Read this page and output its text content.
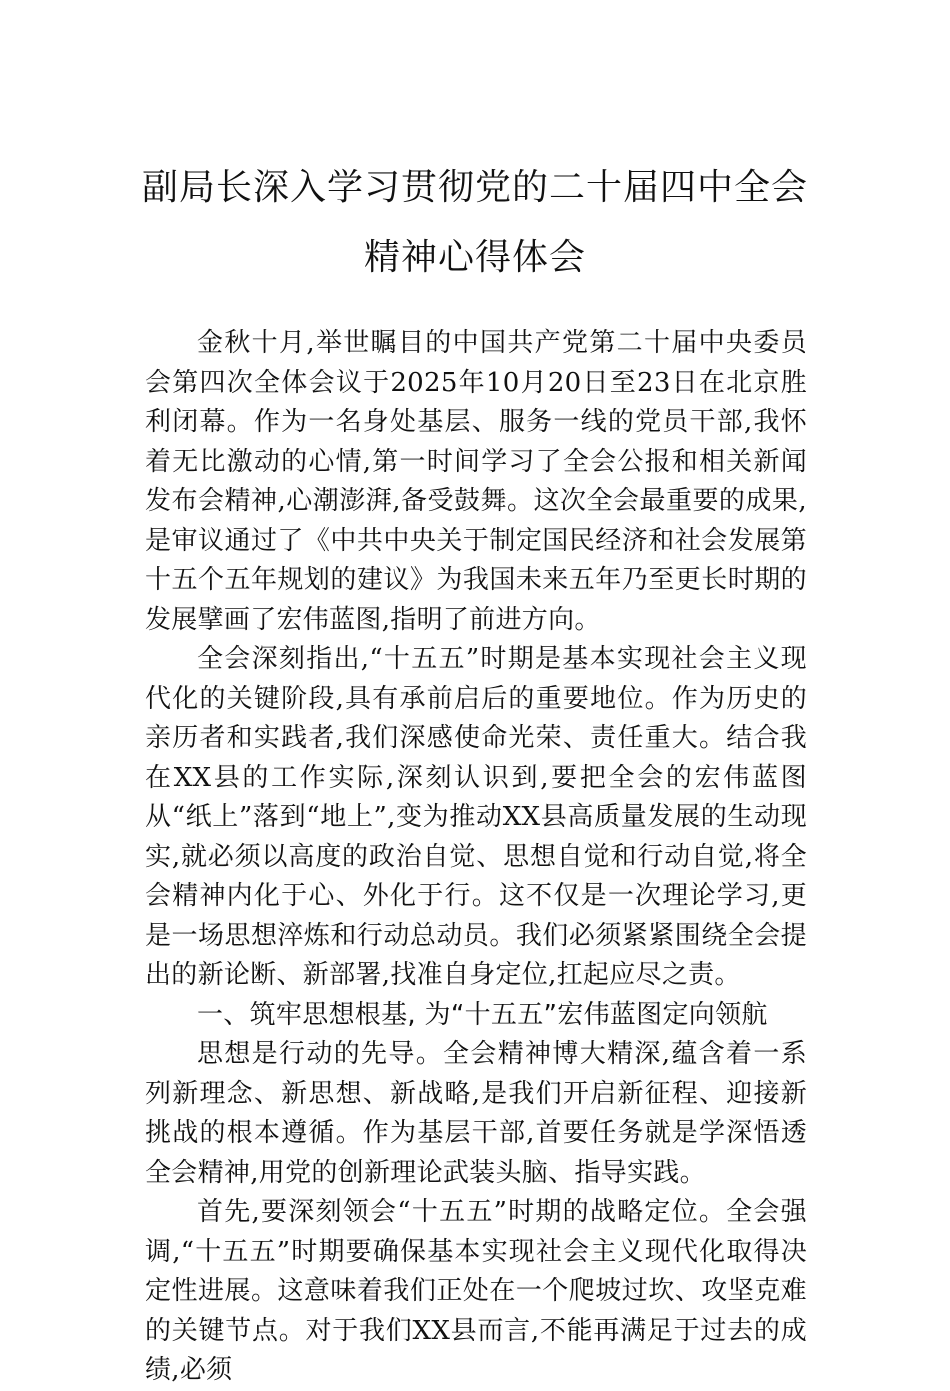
副局长深入学习贯彻党的二十届四中全会
精神心得体会

金秋十月,举世瞩目的中国共产党第二十届中央委员会第四次全体会议于2025年10月20日至23日在北京胜利闭幕。作为一名身处基层、服务一线的党员干部,我怀着无比激动的心情,第一时间学习了全会公报和相关新闻发布会精神,心潮澎湃,备受鼓舞。这次全会最重要的成果,是审议通过了《中共中央关于制定国民经济和社会发展第十五个五年规划的建议》为我国未来五年乃至更长时期的发展擘画了宏伟蓝图,指明了前进方向。

全会深刻指出,“十五五”时期是基本实现社会主义现代化的关键阶段,具有承前启后的重要地位。作为历史的亲历者和实践者,我们深感使命光荣、责任重大。结合我在XX县的工作实际,深刻认识到,要把全会的宏伟蓝图从“纸上”落到“地上”,变为推动XX县高质量发展的生动现实,就必须以高度的政治自觉、思想自觉和行动自觉,将全会精神内化于心、外化于行。这不仅是一次理论学习,更是一场思想淬炼和行动总动员。我们必须紧紧围绕全会提出的新论断、新部署,找准自身定位,扛起应尽之责。

一、筑牢思想根基, 为“十五五”宏伟蓝图定向领航

思想是行动的先导。全会精神博大精深,蕴含着一系列新理念、新思想、新战略,是我们开启新征程、迎接新挑战的根本遵循。作为基层干部,首要任务就是学深悟透全会精神,用党的创新理论武装头脑、指导实践。

首先,要深刻领会“十五五”时期的战略定位。全会强调,“十五五”时期要确保基本实现社会主义现代化取得决定性进展。这意味着我们正处在一个爬坡过坎、攻坚克难的关键节点。对于我们XX县而言,不能再满足于过去的成绩,必须
